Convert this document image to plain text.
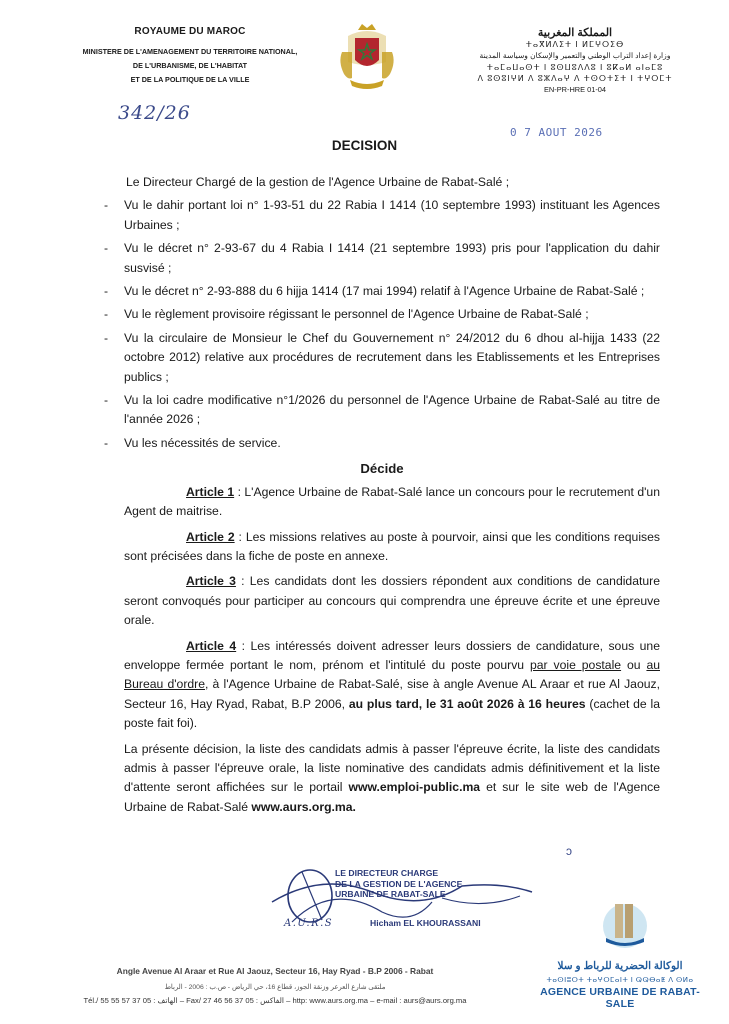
ROYAUME DU MAROC
MINISTERE DE L'AMENAGEMENT DU TERRITOIRE NATIONAL,
DE L'URBANISME, DE L'HABITAT
ET DE LA POLITIQUE DE LA VILLE
المملكة المغربية
ⵜⴰⴳⵍⴷⵉⵜ ⵏ ⵍⵎⵖⵔⵉⴱ
وزارة إعداد التراب الوطني والتعمير والإسكان وسياسة المدينة
ⵜⴰⵎⴰⵡⴰⵙⵜ ⵏ ⵓⵙⵡⵓⴷⴷⵓ ⵏ ⵓⴽⴰⵍ ⴰⵏⴰⵎⵓ
ⴷ ⵓⵙⵓⵏⵖⵍ ⴷ ⵓⵣⴷⴰⵖ ⴷ ⵜⵙⵔⵜⵉⵜ ⵏ ⵜⵖⵔⵎⵜ
EN-PR-HRE 01-04
342/26
0 7 AOUT 2026
DECISION

Le Directeur Chargé de la gestion de l'Agence Urbaine de Rabat-Salé ;

- Vu le dahir portant loi n° 1-93-51 du 22 Rabia I 1414 (10 septembre 1993) instituant les Agences Urbaines ;
- Vu le décret n° 2-93-67 du 4 Rabia I 1414 (21 septembre 1993) pris pour l'application du dahir susvisé ;
- Vu le décret n° 2-93-888 du 6 hijja 1414 (17 mai 1994) relatif à l'Agence Urbaine de Rabat-Salé ;
- Vu le règlement provisoire régissant le personnel de l'Agence Urbaine de Rabat-Salé ;
- Vu la circulaire de Monsieur le Chef du Gouvernement n° 24/2012 du 6 dhou al-hijja 1433 (22 octobre 2012) relative aux procédures de recrutement dans les Etablissements et les Entreprises publics ;
- Vu la loi cadre modificative n°1/2026 du personnel de l'Agence Urbaine de Rabat-Salé au titre de l'année 2026 ;
- Vu les nécessités de service.

Décide

Article 1 : L'Agence Urbaine de Rabat-Salé lance un concours pour le recrutement d'un Agent de maitrise.

Article 2 : Les missions relatives au poste à pourvoir, ainsi que les conditions requises sont précisées dans la fiche de poste en annexe.

Article 3 : Les candidats dont les dossiers répondent aux conditions de candidature seront convoqués pour participer au concours qui comprendra une épreuve écrite et une épreuve orale.

Article 4 : Les intéressés doivent adresser leurs dossiers de candidature, sous une enveloppe fermée portant le nom, prénom et l'intitulé du poste pourvu par voie postale ou au Bureau d'ordre, à l'Agence Urbaine de Rabat-Salé, sise à angle Avenue AL Araar et rue Al Jaouz, Secteur 16, Hay Ryad, Rabat, B.P 2006, au plus tard, le 31 août 2026 à 16 heures (cachet de la poste fait foi).

La présente décision, la liste des candidats admis à passer l'épreuve écrite, la liste des candidats admis à passer l'épreuve orale, la liste nominative des candidats admis définitivement et la liste d'attente seront affichées sur le portail www.emploi-public.ma et sur le site web de l'Agence Urbaine de Rabat-Salé www.aurs.org.ma.

ↄ
LE DIRECTEUR CHARGE
DE LA GESTION DE L'AGENCE
URBAINE DE RABAT-SALE
A.U.R.S	Hicham EL KHOURASSANI
Angle Avenue Al Araar et Rue Al Jaouz, Secteur 16, Hay Ryad - B.P 2006 - Rabat
ملتقى شارع العرعر وزنقة الجوز، قطاع 16، حي الرياض - ص.ب : 2006 - الرباط
Tél./ الهاتف : 05 37 57 55 55 – Fax/ الفاكس : 05 37 56 46 27 – http: www.aurs.org.ma – e-mail : aurs@aurs.org.ma
الوكالة الحضرية للرباط و سلا
ⵜⴰⵙⵏⵓⵔⵜ ⵜⴰⵖⵔⵎⴰⵏⵜ ⵏ ⵕⵕⴱⴰⵟ ⴷ ⵙⵍⴰ
AGENCE URBAINE DE RABAT-SALE
